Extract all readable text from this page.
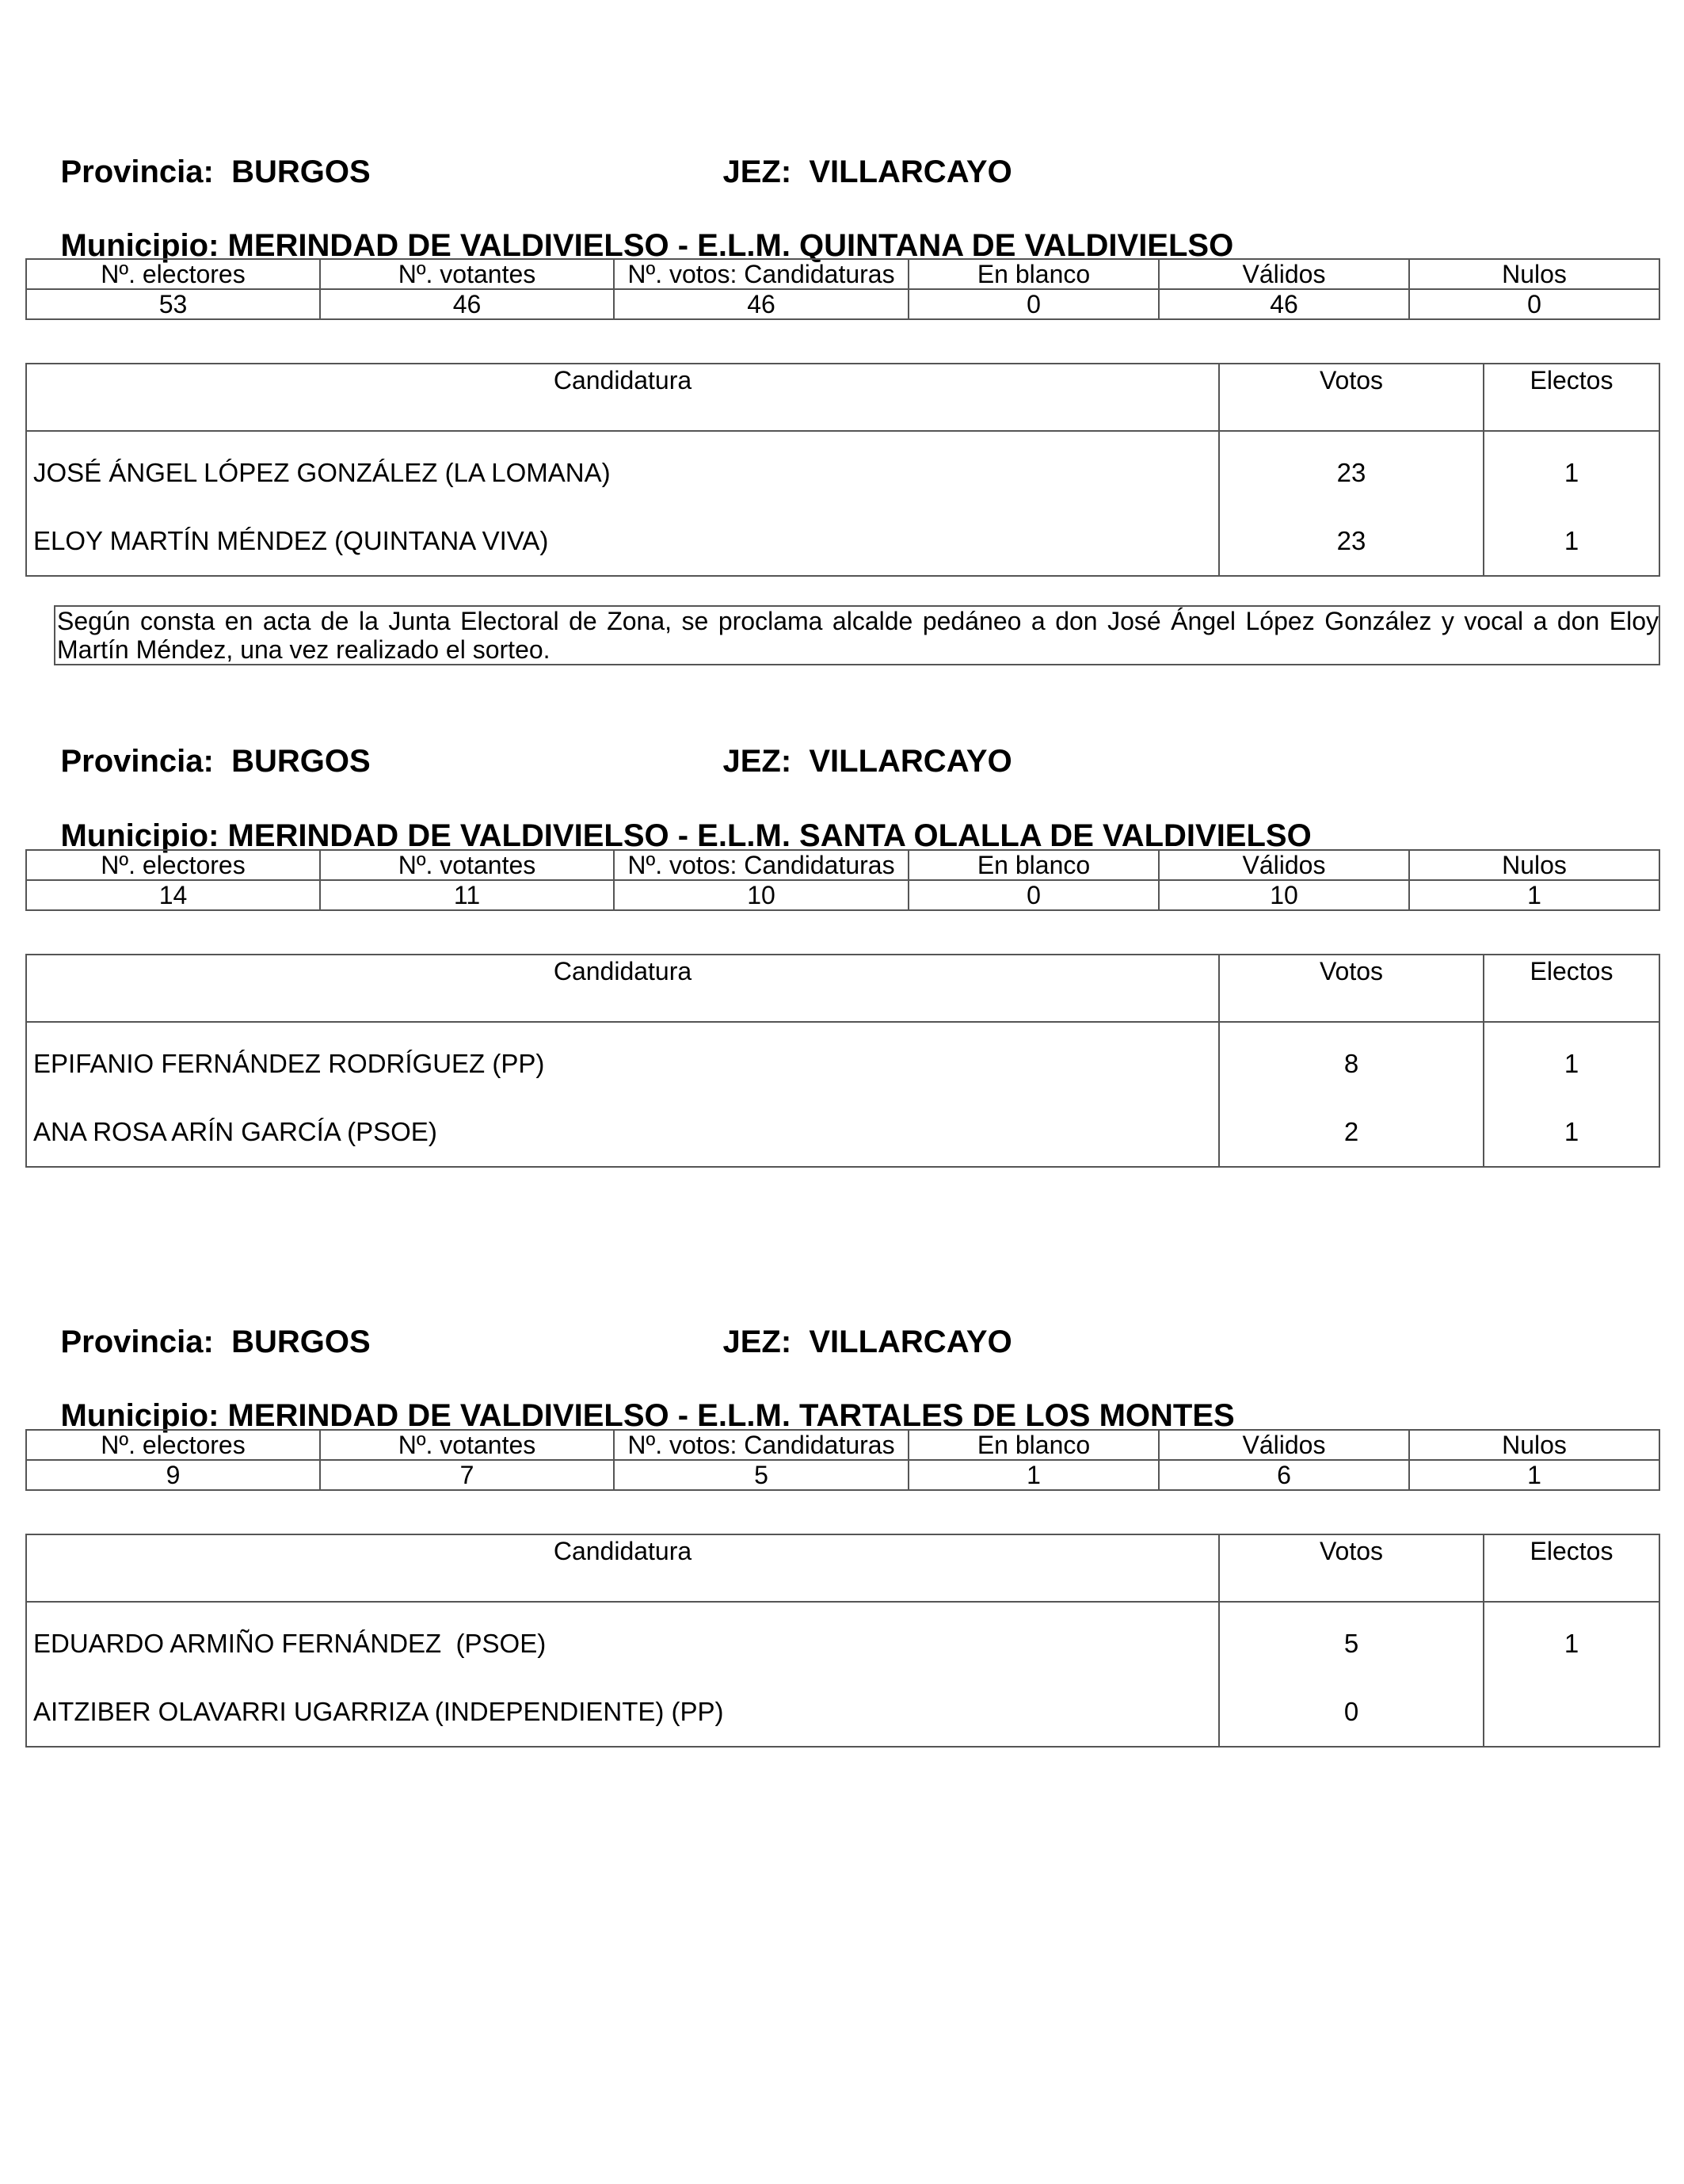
Provincia: BURGOS
	JEZ: VILLARCAYO

Municipio: MERINDAD DE VALDIVIELSO - E.L.M. QUINTANA DE VALDIVIELSO

Nº. electores	Nº. votantes	Nº. votos: Candidaturas	En blanco	Válidos	Nulos
53	46	46	0	46	0
Candidatura	Votos	Electos
JOSÉ ÁNGEL LÓPEZ GONZÁLEZ (LA LOMANA)	23	1
ELOY MARTÍN MÉNDEZ (QUINTANA VIVA)	23	1
Según consta en acta de la Junta Electoral de Zona, se proclama alcalde pedáneo a don José Ángel López González y vocal a don Eloy Martín Méndez, una vez realizado el sorteo.

Provincia: BURGOS
	JEZ: VILLARCAYO

Municipio: MERINDAD DE VALDIVIELSO - E.L.M. SANTA OLALLA DE VALDIVIELSO

Nº. electores	Nº. votantes	Nº. votos: Candidaturas	En blanco	Válidos	Nulos
14	11	10	0	10	1
Candidatura	Votos	Electos
EPIFANIO FERNÁNDEZ RODRÍGUEZ (PP)	8	1
ANA ROSA ARÍN GARCÍA (PSOE)	2	1

Provincia: BURGOS
	JEZ: VILLARCAYO

Municipio: MERINDAD DE VALDIVIELSO - E.L.M. TARTALES DE LOS MONTES

Nº. electores	Nº. votantes	Nº. votos: Candidaturas	En blanco	Válidos	Nulos
9	7	5	1	6	1
Candidatura	Votos	Electos
EDUARDO ARMIÑO FERNÁNDEZ  (PSOE)	5	1
AITZIBER OLAVARRI UGARRIZA (INDEPENDIENTE) (PP)	0	
